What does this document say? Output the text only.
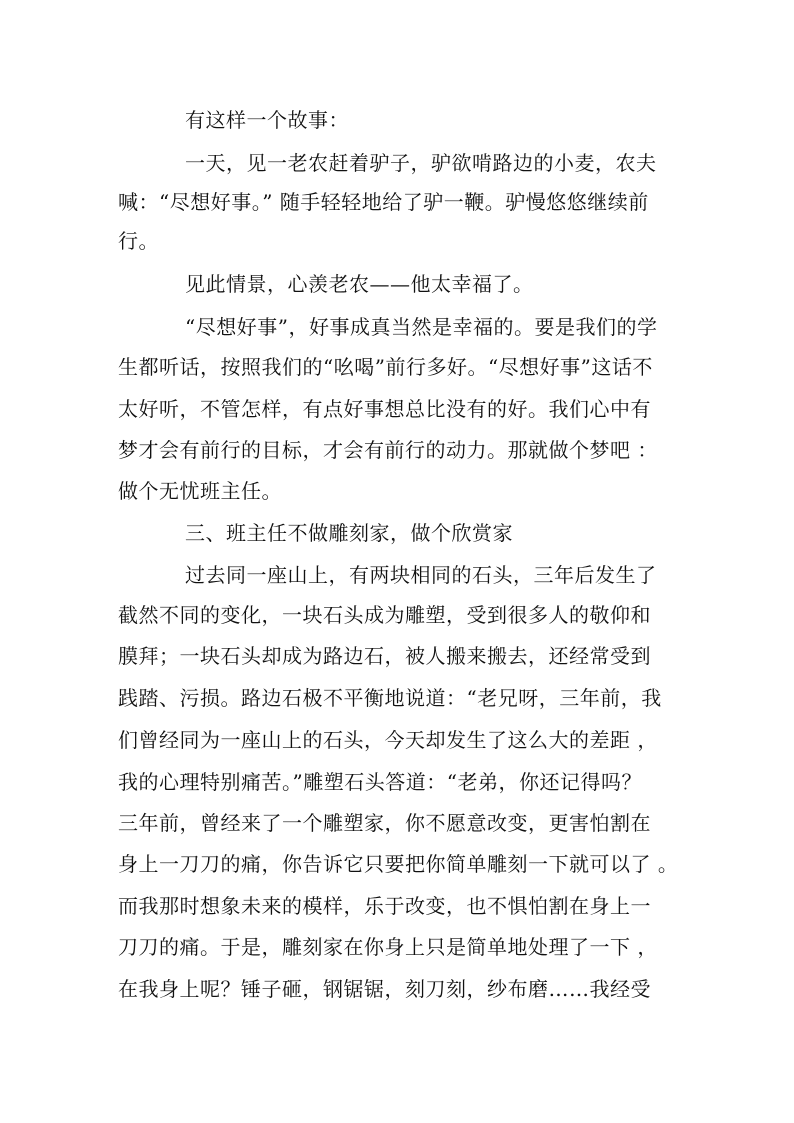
有这样一个故事：
一天，见一老农赶着驴子，驴欲啃路边的小麦，农夫
喊：“尽想好事。” 随手轻轻地给了驴一鞭。驴慢悠悠继续前
行。
见此情景，心羡老农——他太幸福了。
“尽想好事”，好事成真当然是幸福的。要是我们的学
生都听话，按照我们的“吆喝”前行多好。“尽想好事”这话不
太好听，不管怎样，有点好事想总比没有的好。我们心中有
梦才会有前行的目标，才会有前行的动力。那就做个梦吧 ：
做个无忧班主任。
三、班主任不做雕刻家，做个欣赏家
过去同一座山上，有两块相同的石头，三年后发生了
截然不同的变化，一块石头成为雕塑，受到很多人的敬仰和
膜拜；一块石头却成为路边石，被人搬来搬去，还经常受到
践踏、污损。路边石极不平衡地说道：“老兄呀，三年前，我
们曾经同为一座山上的石头，今天却发生了这么大的差距 ，
我的心理特别痛苦。”雕塑石头答道：“老弟，你还记得吗？
三年前，曾经来了一个雕塑家，你不愿意改变，更害怕割在
身上一刀刀的痛，你告诉它只要把你简单雕刻一下就可以了 。
而我那时想象未来的模样，乐于改变，也不惧怕割在身上一
刀刀的痛。于是，雕刻家在你身上只是简单地处理了一下 ，
在我身上呢？锤子砸，钢锯锯，刻刀刻，纱布磨……我经受
